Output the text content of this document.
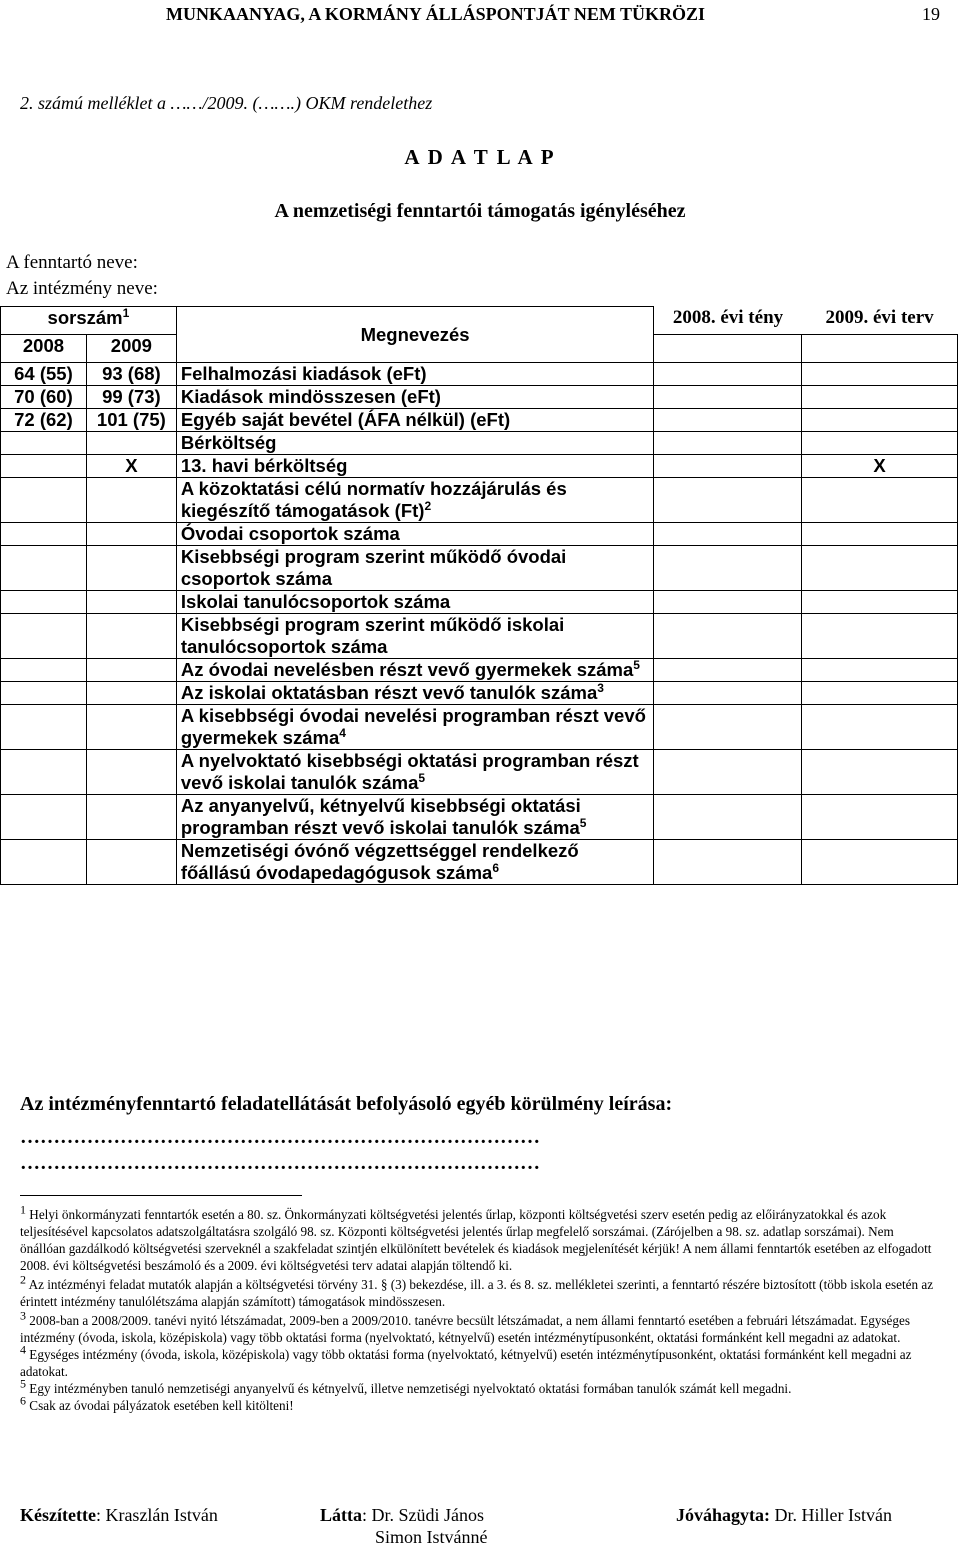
MUNKAANYAG, A KORMÁNY ÁLLÁSPONTJÁT NEM TÜKRÖZI	19
2. számú melléklet a ……/2009. (…….) OKM rendelethez
A D A T L A P
A nemzetiségi fenntartói támogatás igényléséhez
A fenntartó neve:
Az intézmény neve:
sorszám$^1$		Megnevezés	2008. évi tény	2009. évi terv
2008	2009			
64 (55)	93 (68)	Felhalmozási kiadások (eFt)		
70 (60)	99 (73)	Kiadások mindösszesen (eFt)		
72 (62)	101 (75)	Egyéb saját bevétel (ÁFA nélkül) (eFt)		
		Bérköltség		
	X	13. havi bérköltség		X
		A közoktatási célú normatív hozzájárulás és kiegészítő támogatások $(Ft)^2$		
		Óvodai csoportok száma		
		Kisebbségi program szerint működő óvodai csoportok száma		
		Iskolai tanulócsoportok száma		
		Kisebbségi program szerint működő iskolai tanulócsoportok száma		
		Az óvodai nevelésben részt vevő gyermekek száma$^5$		
		Az iskolai oktatásban részt vevő tanulók száma$^3$		
		A kisebbségi óvodai nevelési programban részt vevő gyermekek száma$^4$		
		A nyelvoktató kisebbségi oktatási programban részt vevő iskolai tanulók száma$^5$		
		Az anyanyelvű, kétnyelvű kisebbségi oktatási programban részt vevő iskolai tanulók száma$^5$		
		Nemzetiségi óvónő végzettséggel rendelkező főállású óvodapedagógusok száma$^6$		
Az intézményfenntartó feladatellátását befolyásoló egyéb körülmény leírása:
……………………………………………………………………
……………………………………………………………………

$^1$ Helyi önkormányzati fenntartók esetén a 80. sz. Önkormányzati költségvetési jelentés űrlap, központi költségvetési szerv esetén pedig az előirányzatokkal és azok teljesítésével kapcsolatos adatszolgáltatásra szolgáló 98. sz. Központi költségvetési jelentés űrlap megfelelő sorszámai. (Zárójelben a 98. sz. adatlap sorszámai). Nem önállóan gazdálkodó költségvetési szerveknél a szakfeladat szintjén elkülönített bevételek és kiadások megjelenítését kérjük! A nem állami fenntartók esetében az elfogadott 2008. évi költségvetési beszámoló és a 2009. évi költségvetési terv adatai alapján töltendő ki.

$^2$ Az intézményi feladat mutatók alapján a költségvetési törvény 31. § (3) bekezdése, ill. a 3. és 8. sz. mellékletei szerinti, a fenntartó részére biztosított (több iskola esetén az érintett intézmény tanulólétszáma alapján számított) támogatások mindösszesen.

$^3$ 2008-ban a 2008/2009. tanévi nyitó létszámadat, 2009-ben a 2009/2010. tanévre becsült létszámadat, a nem állami fenntartó esetében a februári létszámadat. Egységes intézmény (óvoda, iskola, középiskola) vagy több oktatási forma (nyelvoktató, kétnyelvű) esetén intézménytípusonként, oktatási formánként kell megadni az adatokat.

$^4$ Egységes intézmény (óvoda, iskola, középiskola) vagy több oktatási forma (nyelvoktató, kétnyelvű) esetén intézménytípusonként, oktatási formánként kell megadni az adatokat.

$^5$ Egy intézményben tanuló nemzetiségi anyanyelvű és kétnyelvű, illetve nemzetiségi nyelvoktató oktatási formában tanulók számát kell megadni.

$^6$ Csak az óvodai pályázatok esetében kell kitölteni!

Készítette: Kraszlán István	Látta: Dr. Szüdi János
Simon Istvánné
Jóváhagyta: Dr. Hiller István
